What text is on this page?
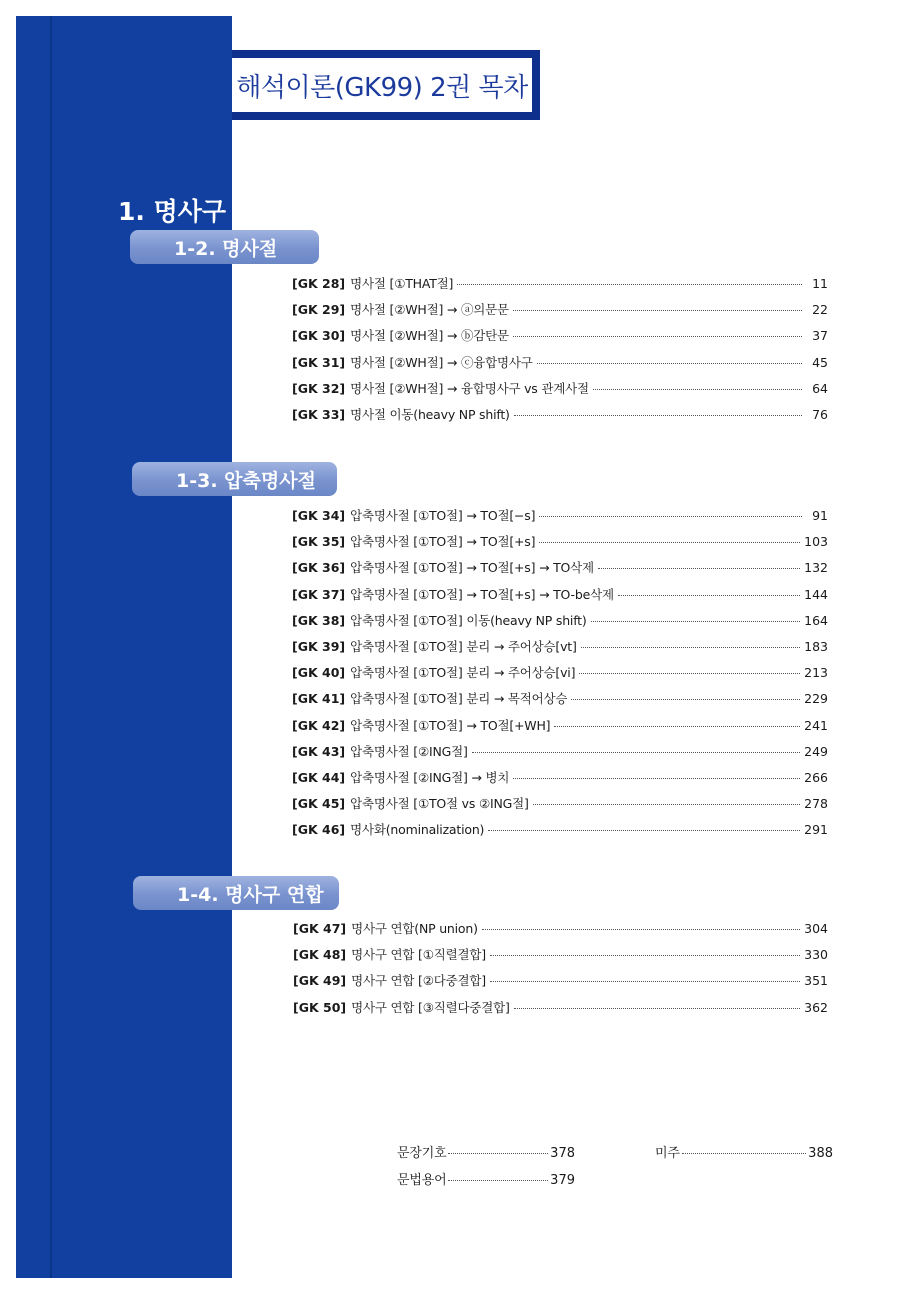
해석이론(GK99) 2권 목차
1. 명사구
1-2. 명사절
[GK 28] 명사절 [①THAT절]	11
[GK 29] 명사절 [②WH절] → ⓐ의문문	22
[GK 30] 명사절 [②WH절] → ⓑ감탄문	37
[GK 31] 명사절 [②WH절] → ⓒ융합명사구	45
[GK 32] 명사절 [②WH절] → 융합명사구 vs 관계사절	64
[GK 33] 명사절 이동(heavy NP shift)	76
1-3. 압축명사절
[GK 34] 압축명사절 [①TO절] → TO절[−s]	91
[GK 35] 압축명사절 [①TO절] → TO절[+s]	103
[GK 36] 압축명사절 [①TO절] → TO절[+s] → TO삭제	132
[GK 37] 압축명사절 [①TO절] → TO절[+s] → TO-be삭제	144
[GK 38] 압축명사절 [①TO절] 이동(heavy NP shift)	164
[GK 39] 압축명사절 [①TO절] 분리 → 주어상승[vt]	183
[GK 40] 압축명사절 [①TO절] 분리 → 주어상승[vi]	213
[GK 41] 압축명사절 [①TO절] 분리 → 목적어상승	229
[GK 42] 압축명사절 [①TO절] → TO절[+WH]	241
[GK 43] 압축명사절 [②ING절]	249
[GK 44] 압축명사절 [②ING절] → 병치	266
[GK 45] 압축명사절 [①TO절 vs ②ING절]	278
[GK 46] 명사화(nominalization)	291
1-4. 명사구 연합
[GK 47] 명사구 연합(NP union)	304
[GK 48] 명사구 연합 [①직렬결합]	330
[GK 49] 명사구 연합 [②다중결합]	351
[GK 50] 명사구 연합 [③직렬다중결합]	362
문장기호	378
문법용어	379
미주	388
